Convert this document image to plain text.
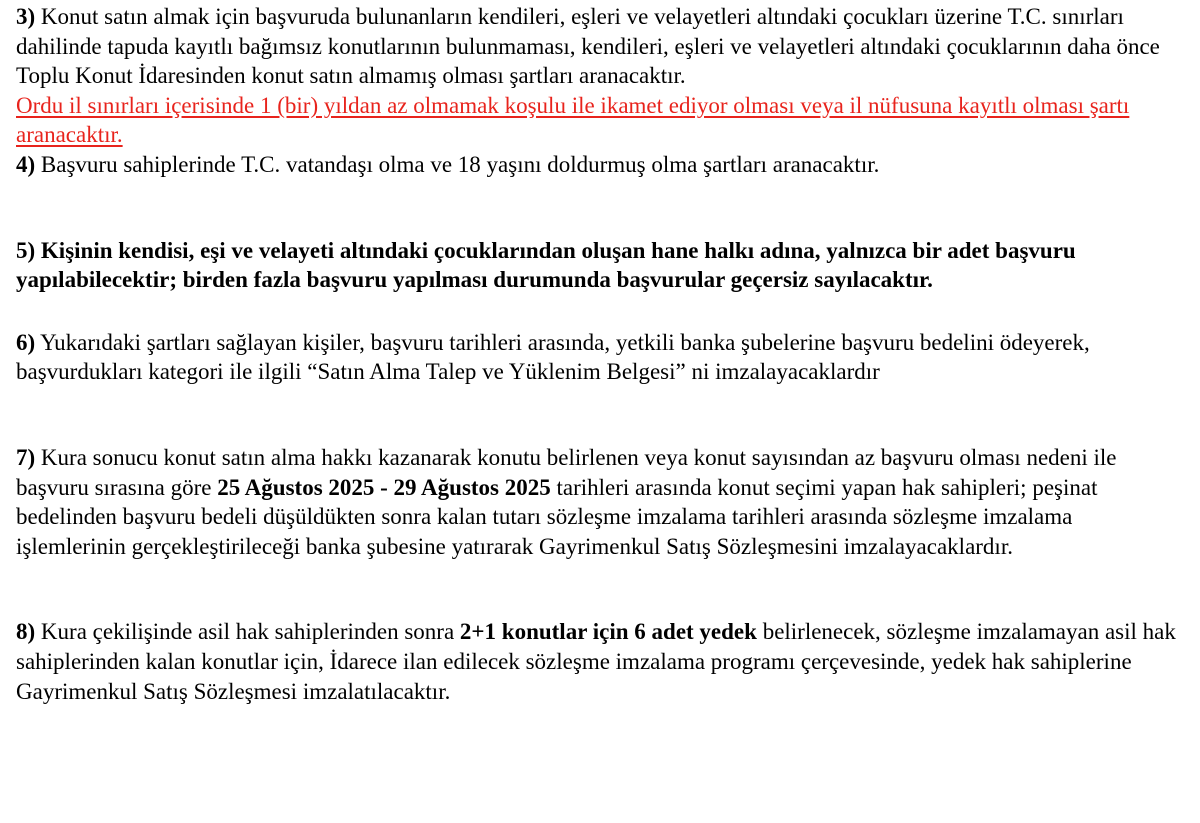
3) Konut satın almak için başvuruda bulunanların kendileri, eşleri ve velayetleri altındaki çocukları üzerine T.C. sınırları dahilinde tapuda kayıtlı bağımsız konutlarının bulunmaması, kendileri, eşleri ve velayetleri altındaki çocuklarının daha önce Toplu Konut İdaresinden konut satın almamış olması şartları aranacaktır.
Ordu il sınırları içerisinde 1 (bir) yıldan az olmamak koşulu ile ikamet ediyor olması veya il nüfusuna kayıtlı olması şartı aranacaktır.

4) Başvuru sahiplerinde T.C. vatandaşı olma ve 18 yaşını doldurmuş olma şartları aranacaktır.

5) Kişinin kendisi, eşi ve velayeti altındaki çocuklarından oluşan hane halkı adına, yalnızca bir adet başvuru yapılabilecektir; birden fazla başvuru yapılması durumunda başvurular geçersiz sayılacaktır.

6) Yukarıdaki şartları sağlayan kişiler, başvuru tarihleri arasında, yetkili banka şubelerine başvuru bedelini ödeyerek, başvurdukları kategori ile ilgili “Satın Alma Talep ve Yüklenim Belgesi” ni imzalayacaklardır

7) Kura sonucu konut satın alma hakkı kazanarak konutu belirlenen veya konut sayısından az başvuru olması nedeni ile başvuru sırasına göre 25 Ağustos 2025 - 29 Ağustos 2025 tarihleri arasında konut seçimi yapan hak sahipleri; peşinat bedelinden başvuru bedeli düşüldükten sonra kalan tutarı sözleşme imzalama tarihleri arasında sözleşme imzalama işlemlerinin gerçekleştirileceği banka şubesine yatırarak Gayrimenkul Satış Sözleşmesini imzalayacaklardır.

8) Kura çekilişinde asil hak sahiplerinden sonra 2+1 konutlar için 6 adet yedek belirlenecek, sözleşme imzalamayan asil hak sahiplerinden kalan konutlar için, İdarece ilan edilecek sözleşme imzalama programı çerçevesinde, yedek hak sahiplerine Gayrimenkul Satış Sözleşmesi imzalatılacaktır.
